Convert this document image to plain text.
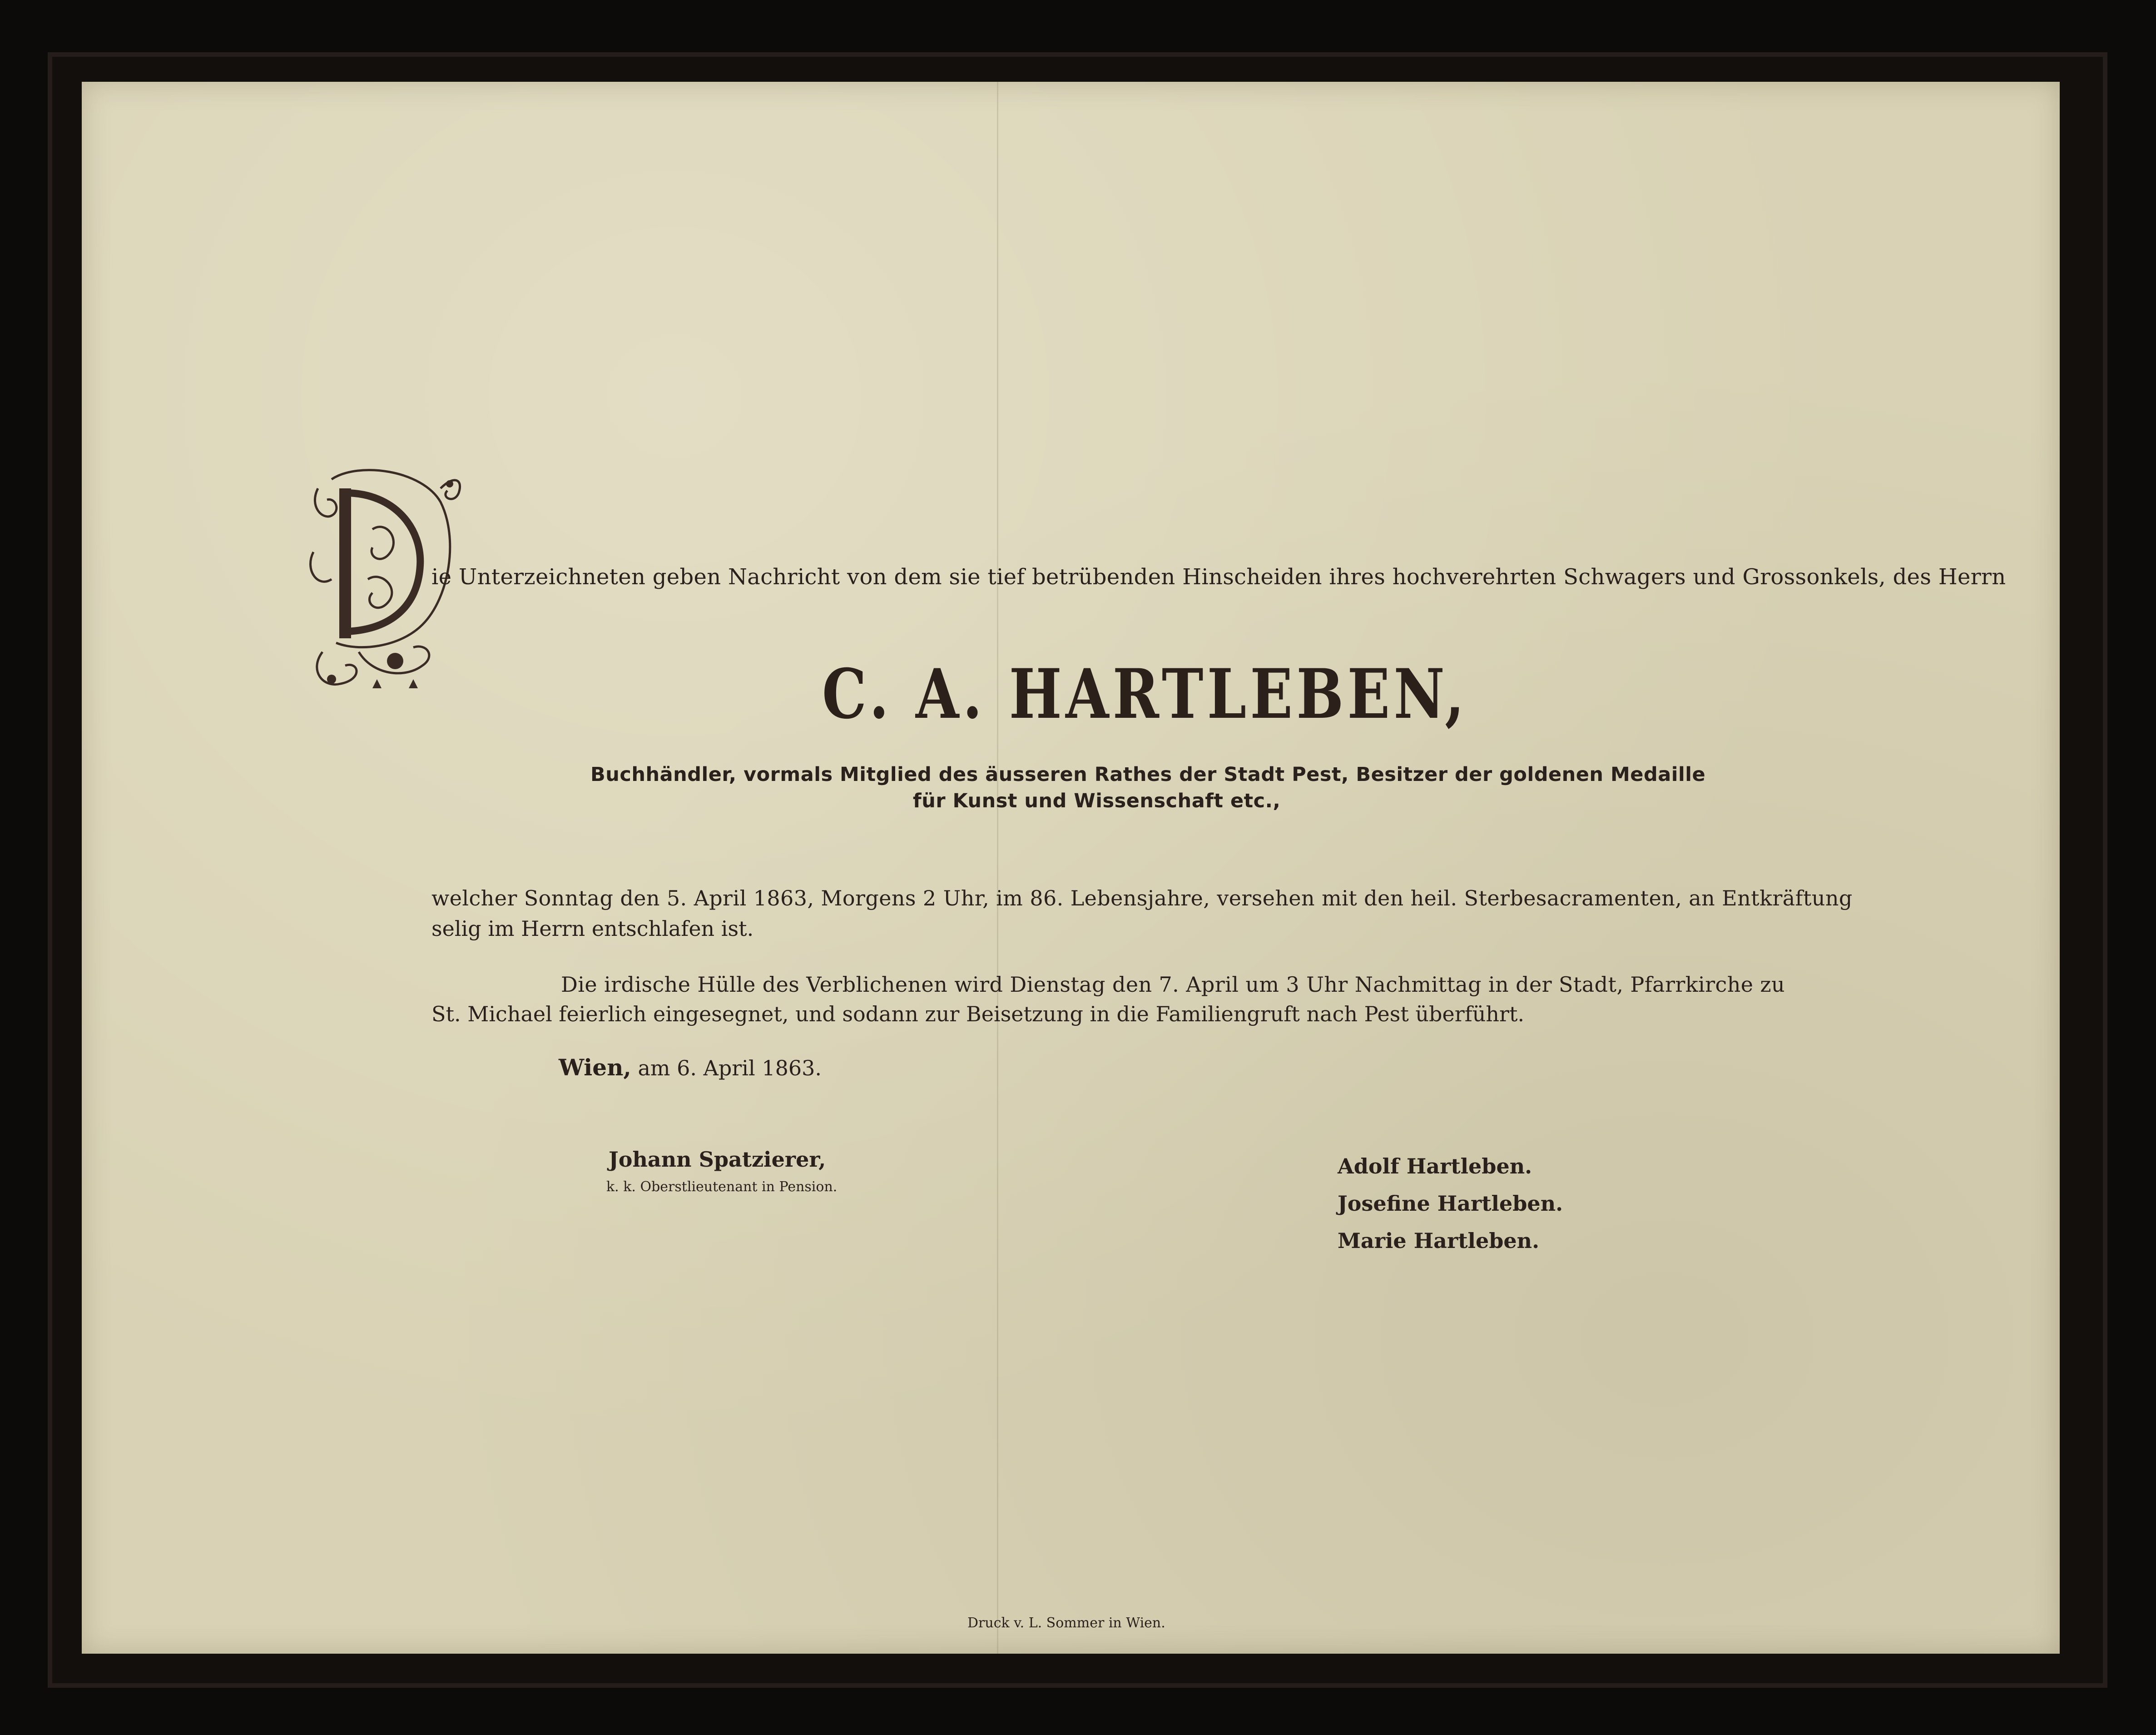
ie Unterzeichneten geben Nachricht von dem sie tief betrübenden Hinscheiden ihres hochverehrten Schwagers und Grossonkels, des Herrn
C. A. HARTLEBEN,
Buchhändler, vormals Mitglied des äusseren Rathes der Stadt Pest, Besitzer der goldenen Medaille
für Kunst und Wissenschaft etc.,
welcher Sonntag den 5. April 1863, Morgens 2 Uhr, im 86. Lebensjahre, versehen mit den heil. Sterbesacramenten, an Entkräftung
selig im Herrn entschlafen ist.
Die irdische Hülle des Verblichenen wird Dienstag den 7. April um 3 Uhr Nachmittag in der Stadt, Pfarrkirche zu
St. Michael feierlich eingesegnet, und sodann zur Beisetzung in die Familiengruft nach Pest überführt.
Wien, am 6. April 1863.
Johann Spatzierer,
k. k. Oberstlieutenant in Pension.
Adolf Hartleben.
Josefine Hartleben.
Marie Hartleben.
Druck v. L. Sommer in Wien.
